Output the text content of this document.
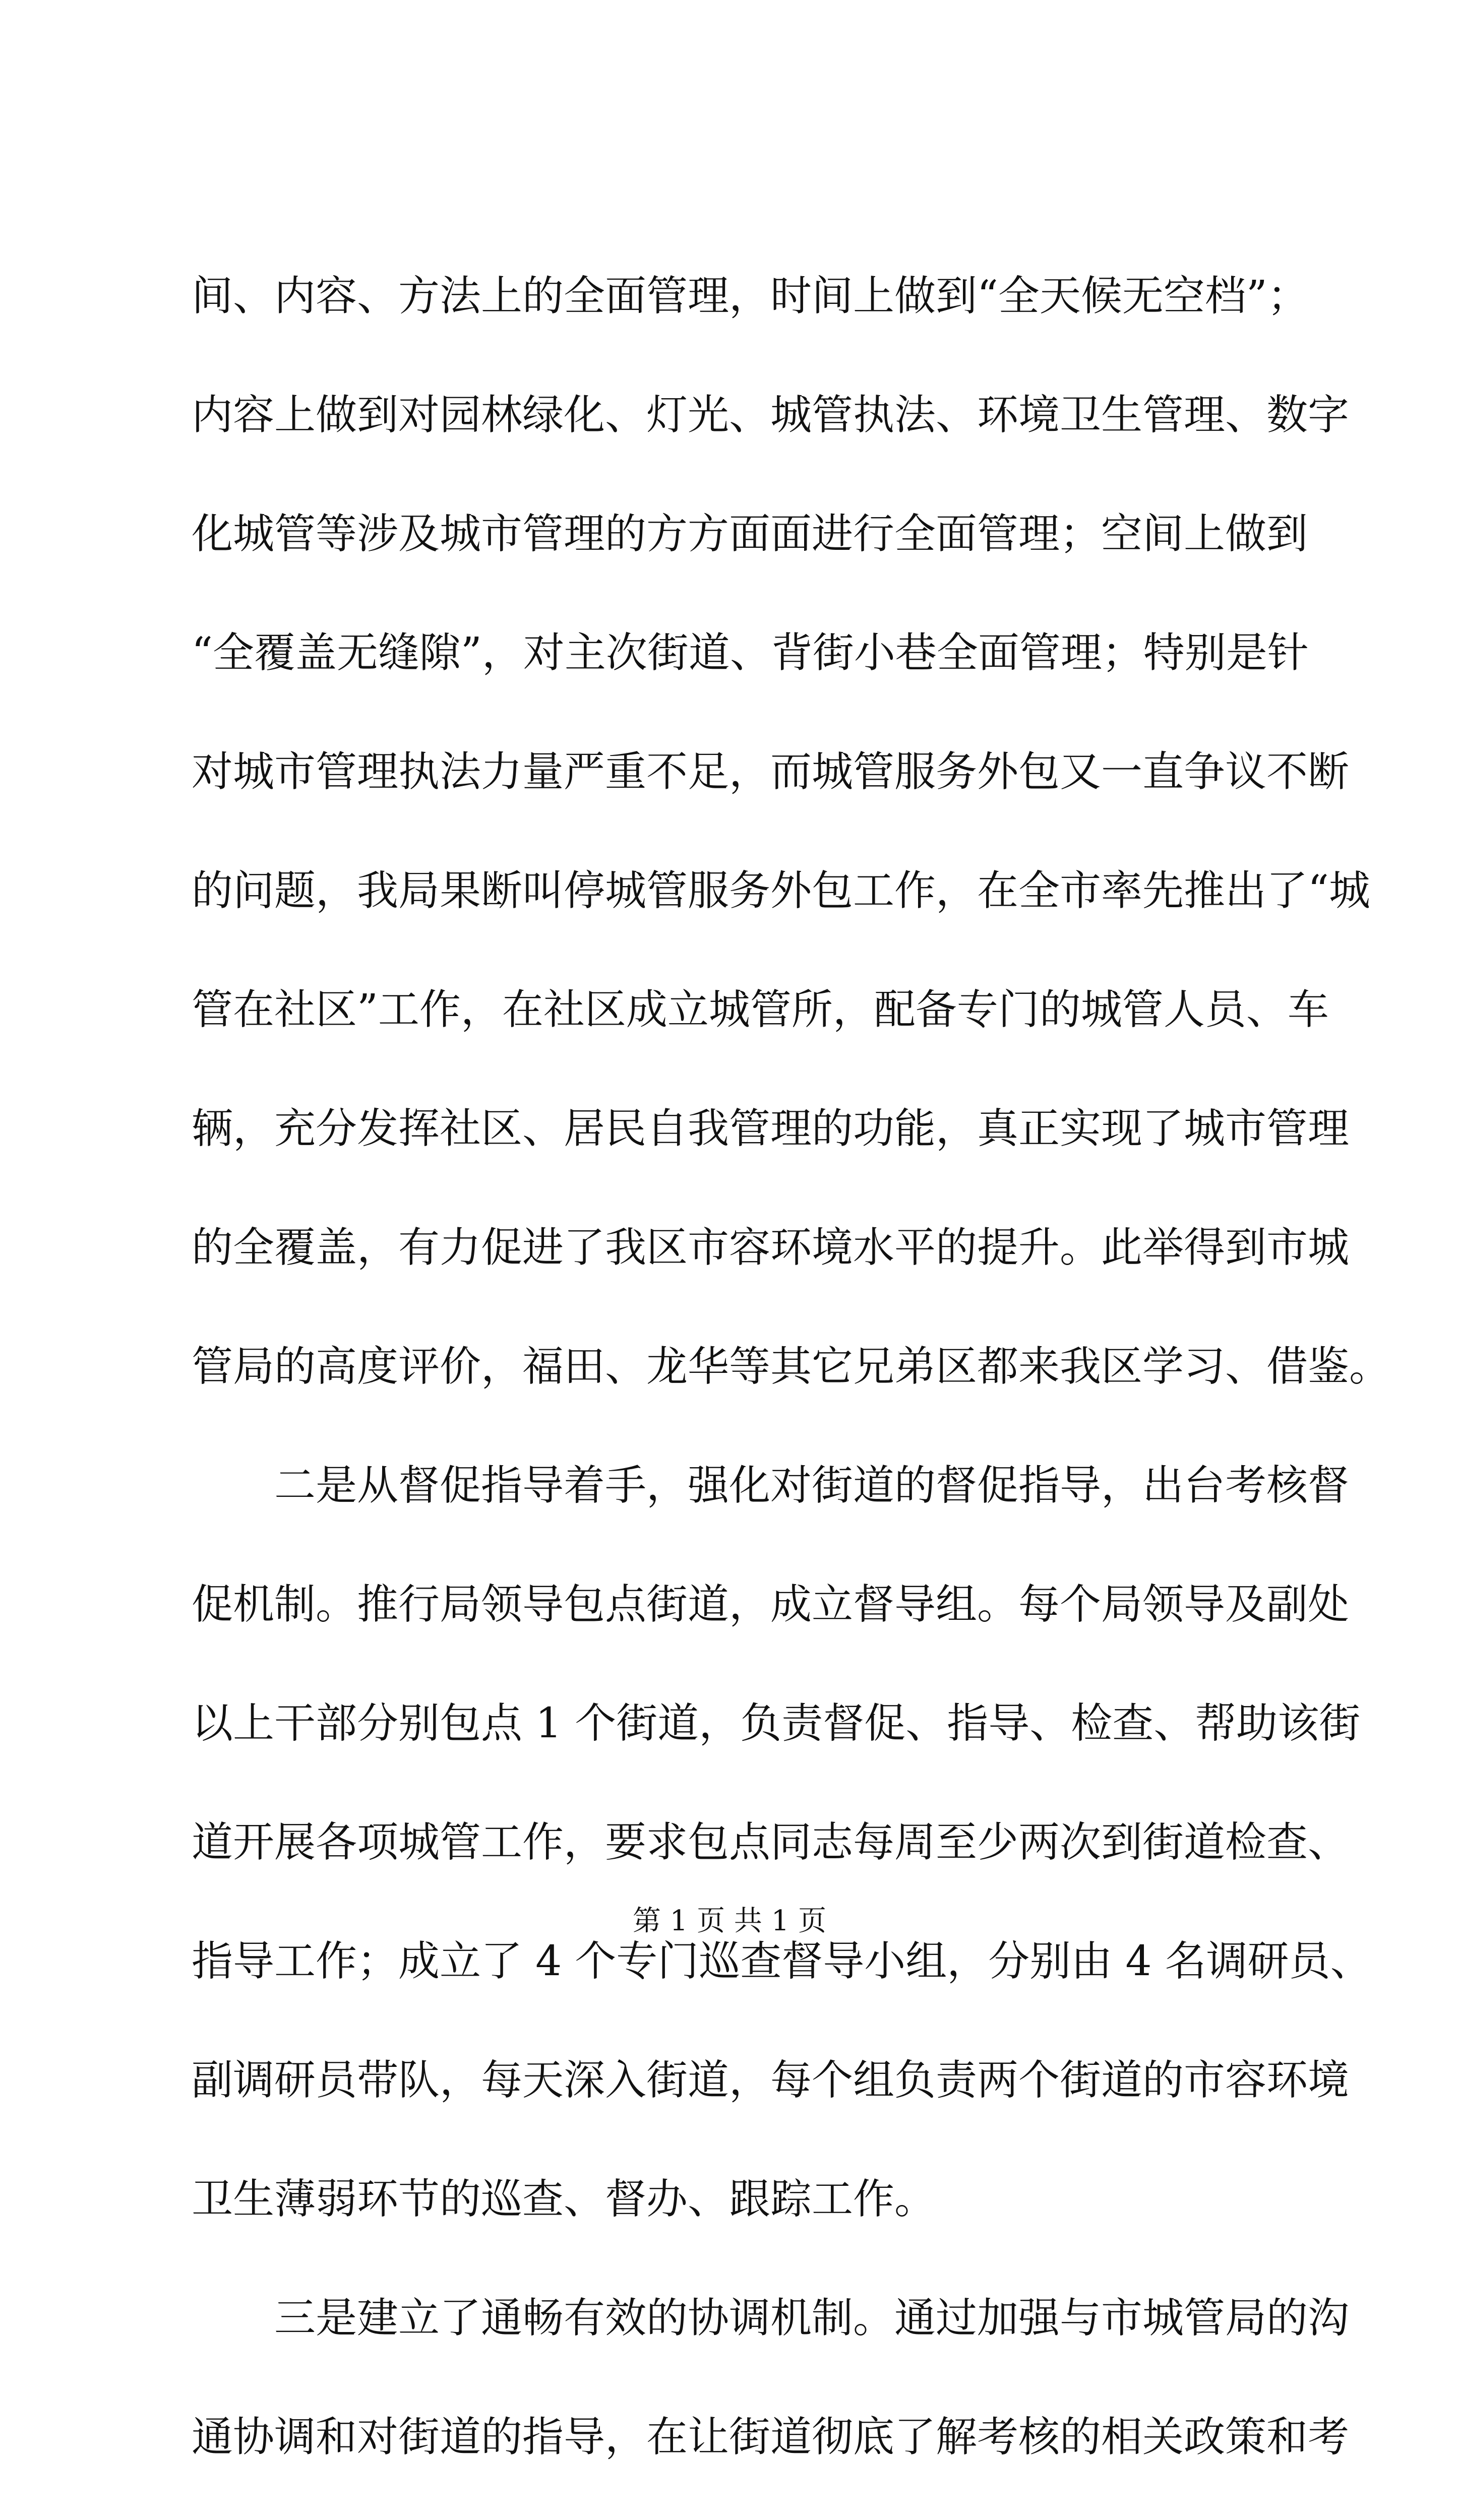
间、内容、方法上的全面管理，时间上做到“全天候无空档”；
内容上做到对园林绿化、灯光、城管执法、环境卫生管理、数字
化城管等涉及城市管理的方方面面进行全面管理；空间上做到
“全覆盖无缝隙”，对主次街道、背街小巷全面管理；特别是针
对城市管理执法力量严重不足，而城管服务外包又一直争议不断
的问题，我局果断叫停城管服务外包工作，在全市率先推出了“城
管在社区”工作，在社区成立城管所，配备专门的城管人员、车
辆，充分发挥社区、居民自我管理的功能，真正实现了城市管理
的全覆盖，有力促进了我区市容环境水平的提升。此举得到市城
管局的高度评价，福田、龙华等其它兄弟区都来我区学习、借鉴。
二是从督促指导着手，强化对街道的督促指导，出台考核督
促机制。推行局领导包点街道，成立督导组。每个局领导及副处
以上干部分别包点 1 个街道，负责督促、指导、检查、帮助该街
道开展各项城管工作，要求包点同志每周至少两次到街道检查、
指导工作；成立了 4 个专门巡查督导小组，分别由 4 名调研员、
副调研员带队，每天深入街道，每个组负责两个街道的市容环境
卫生薄弱环节的巡查、督办、跟踪工作。
三是建立了通畅有效的协调机制。通过加强与市城管局的沟
通协调和对街道的指导，在让街道彻底了解考核的相关政策和考
第 1 页 共 1 页
